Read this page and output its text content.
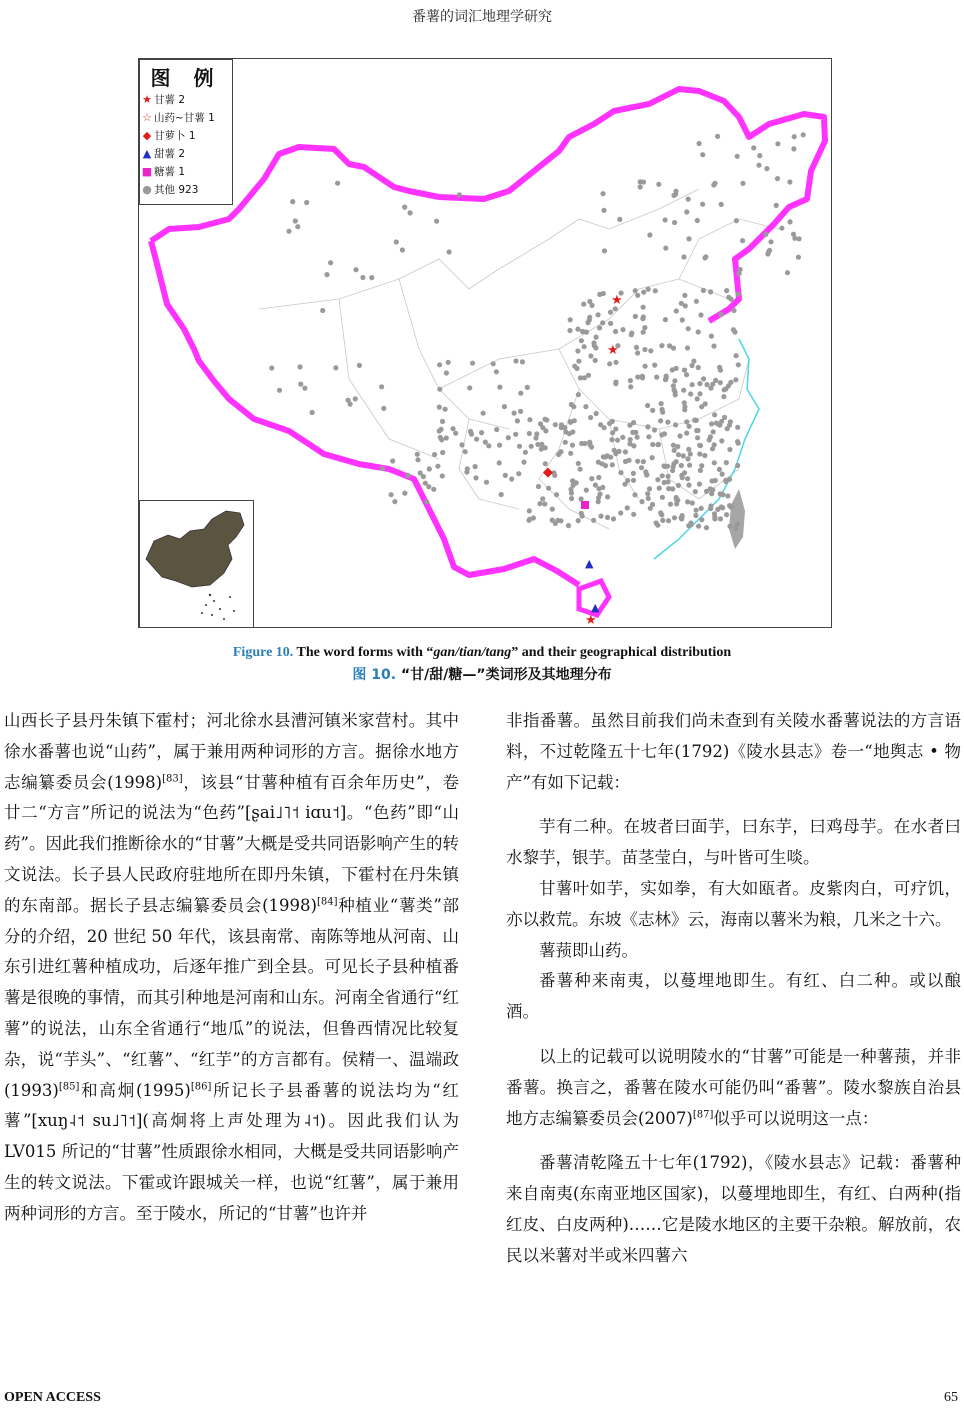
番薯的词汇地理学研究
★
★
★
◆
▲
▲
图 例
★ 甘薯 2
☆ 山药~甘薯 1
◆ 甘萝卜 1
▲ 甜薯 2
■ 糖薯 1
● 其他 923
Figure 10. The word forms with “gan/tian/tang” and their geographical distribution
图 10. “甘/甜/糖—”类词形及其地理分布

山西长子县丹朱镇下霍村；河北徐水县漕河镇米家营村。其中徐水番薯也说“山药”，属于兼用两种词形的方言。据徐水地方志编纂委员会(1998)[83]，该县“甘薯种植有百余年历史”，卷廿二“方言”所记的说法为“色药”[ʂai˩˥˦ iɑu˦]。“色药”即“山药”。因此我们推断徐水的“甘薯”大概是受共同语影响产生的转文说法。长子县人民政府驻地所在即丹朱镇，下霍村在丹朱镇的东南部。据长子县志编纂委员会(1998)[84]种植业“薯类”部分的介绍，20 世纪 50 年代，该县南常、南陈等地从河南、山东引进红薯种植成功，后逐年推广到全县。可见长子县种植番薯是很晚的事情，而其引种地是河南和山东。河南全省通行“红薯”的说法，山东全省通行“地瓜”的说法，但鲁西情况比较复杂，说“芋头”、“红薯”、“红芋”的方言都有。侯精一、温端政(1993)[85]和高炯(1995)[86]所记长子县番薯的说法均为“红薯”[xuŋ˨˦ su˩˥˦](高炯将上声处理为˨˦)。因此我们认为 LV015 所记的“甘薯”性质跟徐水相同，大概是受共同语影响产生的转文说法。下霍或许跟城关一样，也说“红薯”，属于兼用两种词形的方言。至于陵水，所记的“甘薯”也许并

非指番薯。虽然目前我们尚未查到有关陵水番薯说法的方言语料，不过乾隆五十七年(1792)《陵水县志》卷一“地舆志 • 物产”有如下记载：

芋有二种。在坡者曰面芋，曰东芋，曰鸡母芋。在水者曰水黎芋，银芋。苗茎莹白，与叶皆可生啖。

甘薯叶如芋，实如拳，有大如瓯者。皮紫肉白，可疗饥，亦以救荒。东坡《志林》云，海南以薯米为粮，几米之十六。

薯蓣即山药。

番薯种来南夷，以蔓埋地即生。有红、白二种。或以酿酒。

以上的记载可以说明陵水的“甘薯”可能是一种薯蓣，并非番薯。换言之，番薯在陵水可能仍叫“番薯”。陵水黎族自治县地方志编纂委员会(2007)[87]似乎可以说明这一点：

番薯清乾隆五十七年(1792)，《陵水县志》记载：番薯种来自南夷(东南亚地区国家)，以蔓埋地即生，有红、白两种(指红皮、白皮两种)……它是陵水地区的主要干杂粮。解放前，农民以米薯对半或米四薯六

OPEN ACCESS	65
